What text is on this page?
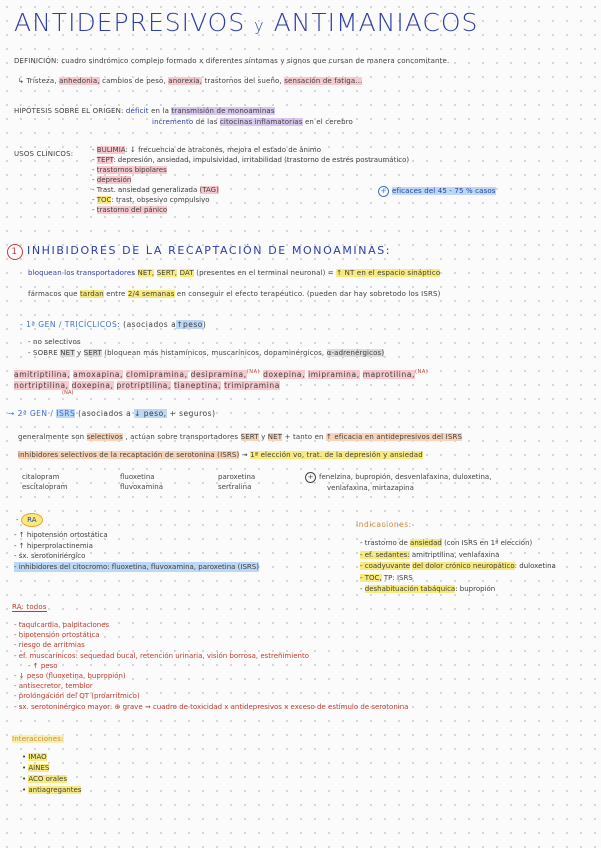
ANTIDEPRESIVOS y ANTIMANIACOS
DEFINICIÓN: cuadro sindrómico complejo formado x diferentes síntomas y signos que cursan de manera concomitante.
↳ Tristeza, anhedonia, cambios de peso, anorexia, trastornos del sueño, sensación de fatiga...
HIPÓTESIS SOBRE EL ORIGEN: déficit en la transmisión de monoaminas
incremento de las citocinas inflamatorias en el cerebro
USOS CLÍNICOS:	- BULIMIA: ↓ frecuencia de atracones, mejora el estado de ánimo
- TEPT: depresión, ansiedad, impulsividad, irritabilidad (trastorno de estrés postraumático)
- trastornos bipolares
- depresión
- Trast. ansiedad generalizada (TAG)
- TOC: trast. obsesivo compulsivo
- trastorno del pánico
+ eficaces del 45 - 75 % casos
1 INHIBIDORES DE LA RECAPTACIÓN DE MONOAMINAS:
bloquean los transportadores NET, SERT, DAT (presentes en el terminal neuronal) = ↑ NT en el espacio sináptico
fármacos que tardan entre 2/4 semanas en conseguir el efecto terapéutico. (pueden dar hay sobretodo los ISRS)
- 1ª GEN / TRICÍCLICOS: (asociados a↑peso)
- no selectivos
- SOBRE NET y SERT (bloquean más histamínicos, muscarínicos, dopaminérgicos, α-adrenérgicos)
amitriptilina, amoxapina, clomipramina, desipramina,$^{(NA)}$ doxepina, imipramina, maprotilina,$^{(NA)}$
nortriptilina, doxepina, protriptilina, tianeptina, trimipramina
(NA)
→ 2ª GEN / ISRS (asociados a ↓ peso, + seguros)
generalmente son selectivos , actúan sobre transportadores SERT y NET + tanto en ↑ eficacia en antidepresivos del ISRS
inhibidores selectivos de la recaptación de serotonina (ISRS) → 1ª elección vo, trat. de la depresión y ansiedad
citalopram
escitalopram
fluoxetina
fluvoxamina
paroxetina
sertralina
+ fenelzina, bupropión, desvenlafaxina, duloxetina,
venlafaxina, mirtazapina
- RA
- ↑ hipotensión ortostática
- ↑ hiperprolactinemia
- sx. serotoninérgico
- inhibidores del citocromo: fluoxetina, fluvoxamina, paroxetina (ISRS)
Indicaciones:
- trastorno de ansiedad (con ISRS en 1ª elección)
- ef. sedantes: amitriptilina, venlafaxina
- coadyuvante del dolor crónico neuropático: duloxetina
- TOC, TP: ISRS
- deshabituación tabáquica: bupropión
RA: todos
- taquicardia, palpitaciones
- hipotensión ortostática
- riesgo de arritmias
- ef. muscarínicos: sequedad bucal, retención urinaria, visión borrosa, estreñimiento
- ↑ peso
- ↓ peso (fluoxetina, bupropión)
- antisecretor, temblor
- prolongación del QT (proarrítmico)
- sx. serotoninérgico mayor: ⊕ grave → cuadro de toxicidad x antidepresivos x exceso de estímulo de serotonina
Interacciones:
• IMAO
• AINES
• ACO orales
• antiagregantes
